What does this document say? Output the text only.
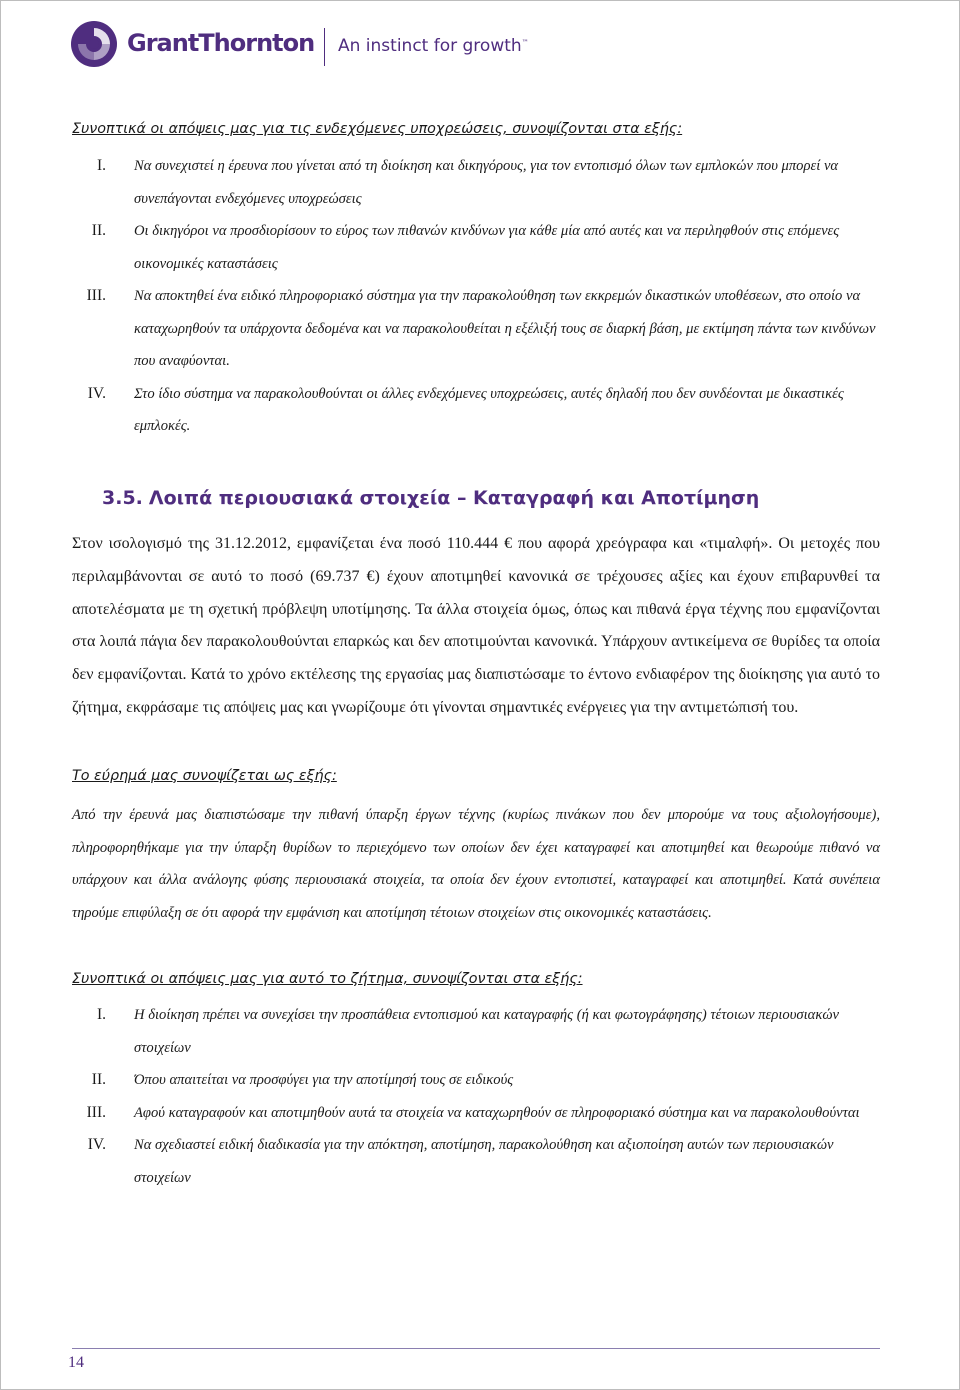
GrantThornton An instinct for growth™

Συνοπτικά οι απόψεις μας για τις ενδεχόμενες υποχρεώσεις, συνοψίζονται στα εξής:

I. Να συνεχιστεί η έρευνα που γίνεται από τη διοίκηση και δικηγόρους, για τον εντοπισμό όλων των εμπλοκών που μπορεί να συνεπάγονται ενδεχόμενες υποχρεώσεις
II. Οι δικηγόροι να προσδιορίσουν το εύρος των πιθανών κινδύνων για κάθε μία από αυτές και να περιληφθούν στις επόμενες οικονομικές καταστάσεις
III. Να αποκτηθεί ένα ειδικό πληροφοριακό σύστημα για την παρακολούθηση των εκκρεμών δικαστικών υποθέσεων, στο οποίο να καταχωρηθούν τα υπάρχοντα δεδομένα και να παρακολουθείται η εξέλιξή τους σε διαρκή βάση, με εκτίμηση πάντα των κινδύνων που αναφύονται.
IV. Στο ίδιο σύστημα να παρακολουθούνται οι άλλες ενδεχόμενες υποχρεώσεις, αυτές δηλαδή που δεν συνδέονται με δικαστικές εμπλοκές.
3.5. Λοιπά περιουσιακά στοιχεία – Καταγραφή και Αποτίμηση

Στον ισολογισμό της 31.12.2012, εμφανίζεται ένα ποσό 110.444 € που αφορά χρεόγραφα και «τιμαλφή». Οι μετοχές που περιλαμβάνονται σε αυτό το ποσό (69.737 €) έχουν αποτιμηθεί κανονικά σε τρέχουσες αξίες και έχουν επιβαρυνθεί τα αποτελέσματα με τη σχετική πρόβλεψη υποτίμησης. Τα άλλα στοιχεία όμως, όπως και πιθανά έργα τέχνης που εμφανίζονται στα λοιπά πάγια δεν παρακολουθούνται επαρκώς και δεν αποτιμούνται κανονικά. Υπάρχουν αντικείμενα σε θυρίδες τα οποία δεν εμφανίζονται. Κατά το χρόνο εκτέλεσης της εργασίας μας διαπιστώσαμε το έντονο ενδιαφέρον της διοίκησης για αυτό το ζήτημα, εκφράσαμε τις απόψεις μας και γνωρίζουμε ότι γίνονται σημαντικές ενέργειες για την αντιμετώπισή του.

Το εύρημά μας συνοψίζεται ως εξής:

Από την έρευνά μας διαπιστώσαμε την πιθανή ύπαρξη έργων τέχνης (κυρίως πινάκων που δεν μπορούμε να τους αξιολογήσουμε), πληροφορηθήκαμε για την ύπαρξη θυρίδων το περιεχόμενο των οποίων δεν έχει καταγραφεί και αποτιμηθεί και θεωρούμε πιθανό να υπάρχουν και άλλα ανάλογης φύσης περιουσιακά στοιχεία, τα οποία δεν έχουν εντοπιστεί, καταγραφεί και αποτιμηθεί. Κατά συνέπεια τηρούμε επιφύλαξη σε ότι αφορά την εμφάνιση και αποτίμηση τέτοιων στοιχείων στις οικονομικές καταστάσεις.

Συνοπτικά οι απόψεις μας για αυτό το ζήτημα, συνοψίζονται στα εξής:

I. Η διοίκηση πρέπει να συνεχίσει την προσπάθεια εντοπισμού και καταγραφής (ή και φωτογράφησης) τέτοιων περιουσιακών στοιχείων
II. Όπου απαιτείται να προσφύγει για την αποτίμησή τους σε ειδικούς
III. Αφού καταγραφούν και αποτιμηθούν αυτά τα στοιχεία να καταχωρηθούν σε πληροφοριακό σύστημα και να παρακολουθούνται
IV. Να σχεδιαστεί ειδική διαδικασία για την απόκτηση, αποτίμηση, παρακολούθηση και αξιοποίηση αυτών των περιουσιακών στοιχείων
14
